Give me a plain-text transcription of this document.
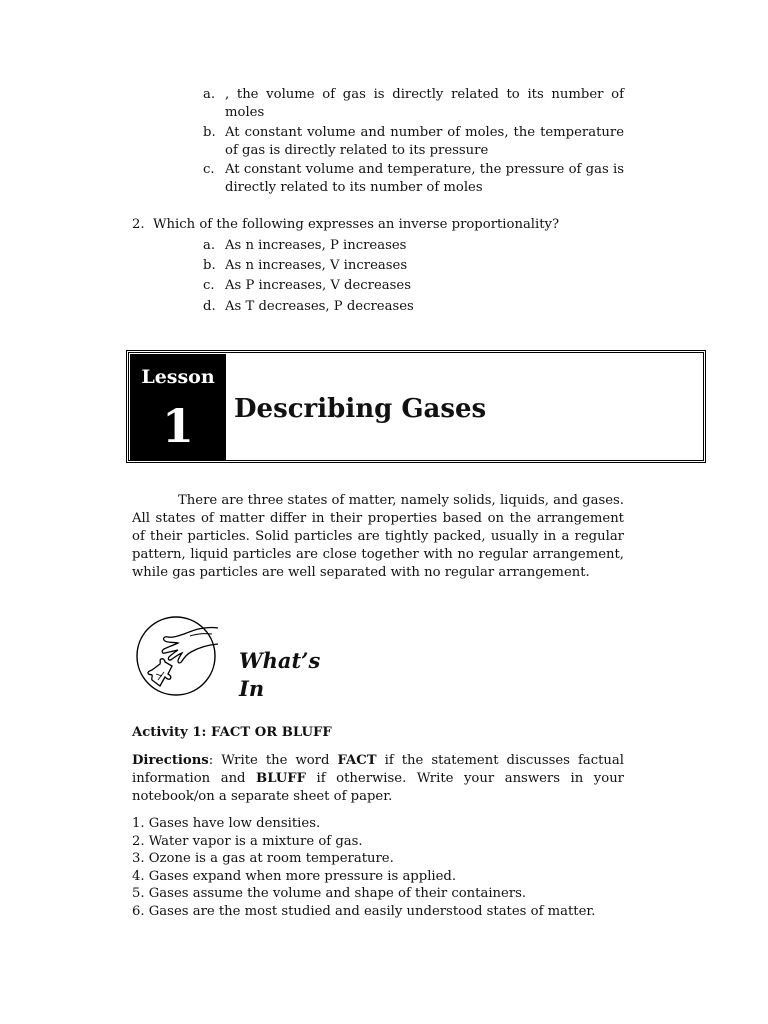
a. , the volume of gas is directly related to its number of moles
b. At constant volume and number of moles, the temperature of gas is directly related to its pressure
c. At constant volume and temperature, the pressure of gas is directly related to its number of moles
2. Which of the following expresses an inverse proportionality?
a. As n increases, P increases
b. As n increases, V increases
c. As P increases, V decreases
d. As T decreases, P decreases
Lesson
1	Describing Gases

There are three states of matter, namely solids, liquids, and gases. All states of matter differ in their properties based on the arrangement of their particles. Solid particles are tightly packed, usually in a regular pattern, liquid particles are close together with no regular arrangement, while gas particles are well separated with no regular arrangement.

What’s
In
Activity 1: FACT OR BLUFF
Directions: Write the word FACT if the statement discusses factual information and BLUFF if otherwise. Write your answers in your notebook/on a separate sheet of paper.
1. Gases have low densities.
2. Water vapor is a mixture of gas.
3. Ozone is a gas at room temperature.
4. Gases expand when more pressure is applied.
5. Gases assume the volume and shape of their containers.
6. Gases are the most studied and easily understood states of matter.
